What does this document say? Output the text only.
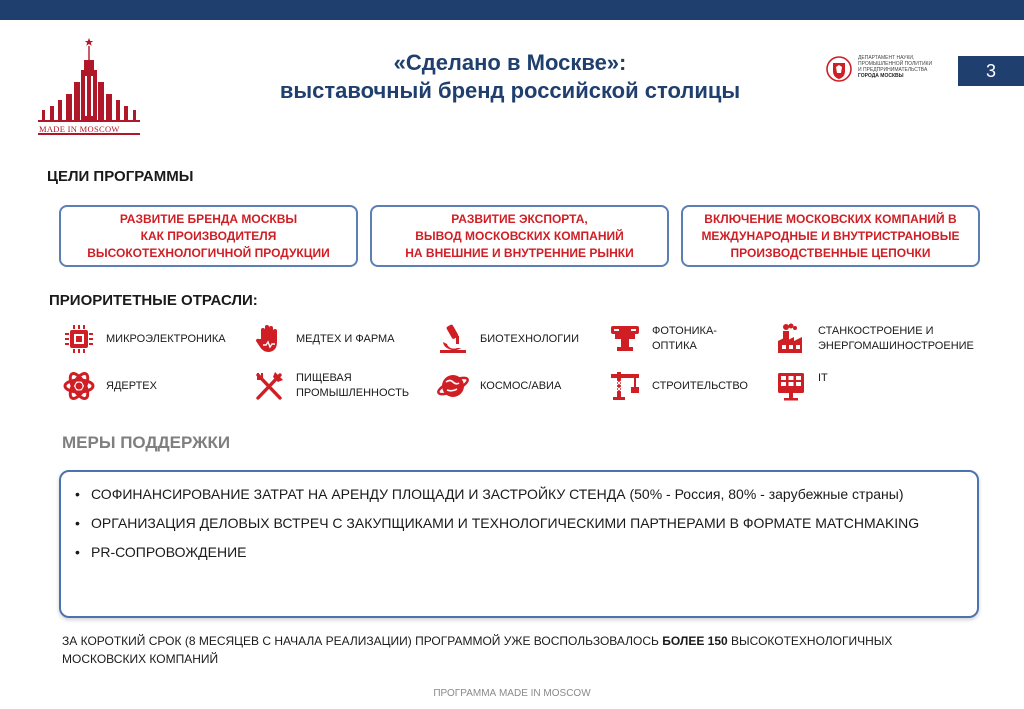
MADE IN MOSCOW
«Сделано в Москве»:
выставочный бренд российской столицы
ДЕПАРТАМЕНТ НАУКИ,
ПРОМЫШЛЕННОЙ ПОЛИТИКИ
И ПРЕДПРИНИМАТЕЛЬСТВА
ГОРОДА МОСКВЫ	3
ЦЕЛИ ПРОГРАММЫ
РАЗВИТИЕ БРЕНДА МОСКВЫ
КАК ПРОИЗВОДИТЕЛЯ
ВЫСОКОТЕХНОЛОГИЧНОЙ ПРОДУКЦИИ
РАЗВИТИЕ ЭКСПОРТА,
ВЫВОД МОСКОВСКИХ КОМПАНИЙ
НА ВНЕШНИЕ И ВНУТРЕННИЕ РЫНКИ
ВКЛЮЧЕНИЕ МОСКОВСКИХ КОМПАНИЙ В
МЕЖДУНАРОДНЫЕ И ВНУТРИСТРАНОВЫЕ
ПРОИЗВОДСТВЕННЫЕ ЦЕПОЧКИ
ПРИОРИТЕТНЫЕ ОТРАСЛИ:
МИКРОЭЛЕКТРОНИКА	МЕДТЕХ И ФАРМА	БИОТЕХНОЛОГИИ
ФОТОНИКА-
ОПТИКА
СТАНКОСТРОЕНИЕ И
ЭНЕРГОМАШИНОСТРОЕНИЕ
ЯДЕРТЕХ
ПИЩЕВАЯ
ПРОМЫШЛЕННОСТЬ
КОСМОС/АВИА	СТРОИТЕЛЬСТВО
IT
МЕРЫ ПОДДЕРЖКИ
• СОФИНАНСИРОВАНИЕ ЗАТРАТ НА АРЕНДУ ПЛОЩАДИ И ЗАСТРОЙКУ СТЕНДА (50% - Россия, 80% - зарубежные страны)
• ОРГАНИЗАЦИЯ ДЕЛОВЫХ ВСТРЕЧ С ЗАКУПЩИКАМИ И ТЕХНОЛОГИЧЕСКИМИ ПАРТНЕРАМИ В ФОРМАТЕ MATCHMAKING
• PR-СОПРОВОЖДЕНИЕ
ЗА КОРОТКИЙ СРОК (8 МЕСЯЦЕВ С НАЧАЛА РЕАЛИЗАЦИИ) ПРОГРАММОЙ УЖЕ ВОСПОЛЬЗОВАЛОСЬ БОЛЕЕ 150 ВЫСОКОТЕХНОЛОГИЧНЫХ МОСКОВСКИХ КОМПАНИЙ
ПРОГРАММА MADE IN MOSCOW
